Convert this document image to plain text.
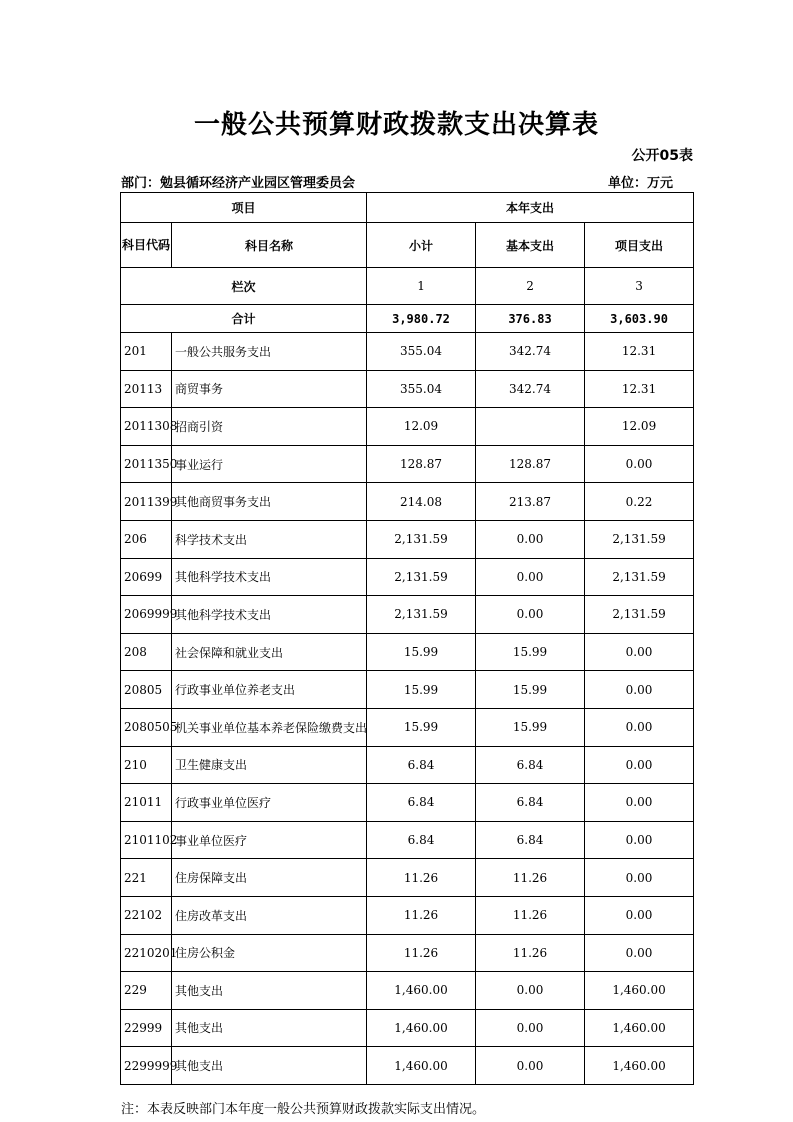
一般公共预算财政拨款支出决算表
公开05表
部门：勉县循环经济产业园区管理委员会	单位：万元
项目		本年支出		
科目代码	科目名称	小计	基本支出	项目支出
栏次		1	2	3
合计		3,980.72	376.83	3,603.90
201	一般公共服务支出	355.04	342.74	12.31
20113	商贸事务	355.04	342.74	12.31
2011308	招商引资	12.09		12.09
2011350	事业运行	128.87	128.87	0.00
2011399	其他商贸事务支出	214.08	213.87	0.22
206	科学技术支出	2,131.59	0.00	2,131.59
20699	其他科学技术支出	2,131.59	0.00	2,131.59
2069999	其他科学技术支出	2,131.59	0.00	2,131.59
208	社会保障和就业支出	15.99	15.99	0.00
20805	行政事业单位养老支出	15.99	15.99	0.00
2080505	机关事业单位基本养老保险缴费支出	15.99	15.99	0.00
210	卫生健康支出	6.84	6.84	0.00
21011	行政事业单位医疗	6.84	6.84	0.00
2101102	事业单位医疗	6.84	6.84	0.00
221	住房保障支出	11.26	11.26	0.00
22102	住房改革支出	11.26	11.26	0.00
2210201	住房公积金	11.26	11.26	0.00
229	其他支出	1,460.00	0.00	1,460.00
22999	其他支出	1,460.00	0.00	1,460.00
2299999	其他支出	1,460.00	0.00	1,460.00
注：本表反映部门本年度一般公共预算财政拨款实际支出情况。
